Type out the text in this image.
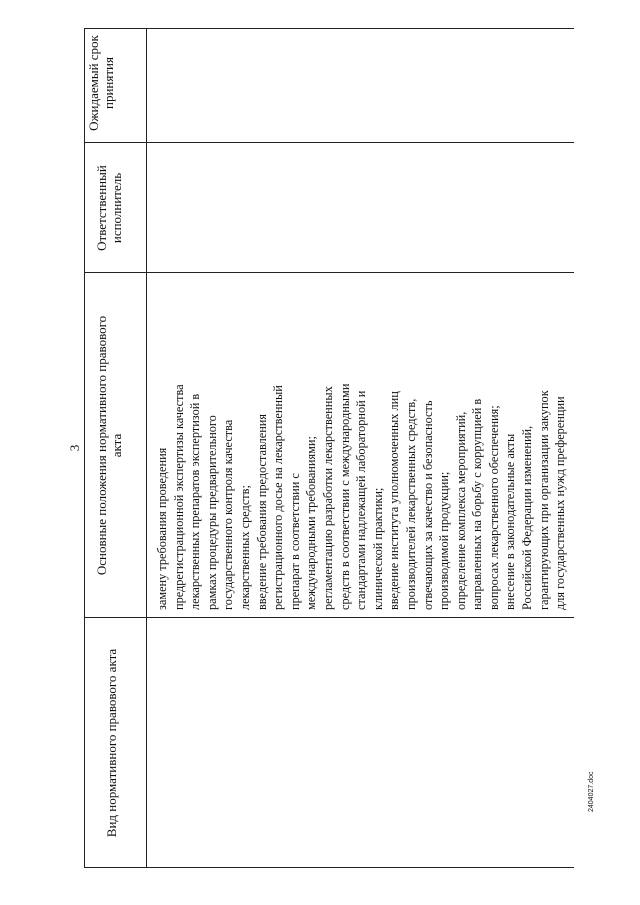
3
Вид нормативного правового акта
Основные положения нормативного правового акта
Ответственный исполнитель
Ожидаемый срок принятия
замену требования проведения предрегистрационной экспертизы качества лекарственных препаратов экспертизой в рамках процедуры предварительного государственного контроля качества лекарственных средств; введение требования предоставления регистрационного досье на лекарственный препарат в соответствии с международными требованиями; регламентацию разработки лекарственных средств в соответствии с международными стандартами надлежащей лабораторной и клинической практики; введение института уполномоченных лиц производителей лекарственных средств, отвечающих за качество и безопасность производимой продукции; определение комплекса мероприятий, направленных на борьбу с коррупцией в вопросах лекарственного обеспечения; внесение в законодательные акты Российской Федерации изменений, гарантирующих при организации закупок для государственных нужд преференции
2404027.doc
